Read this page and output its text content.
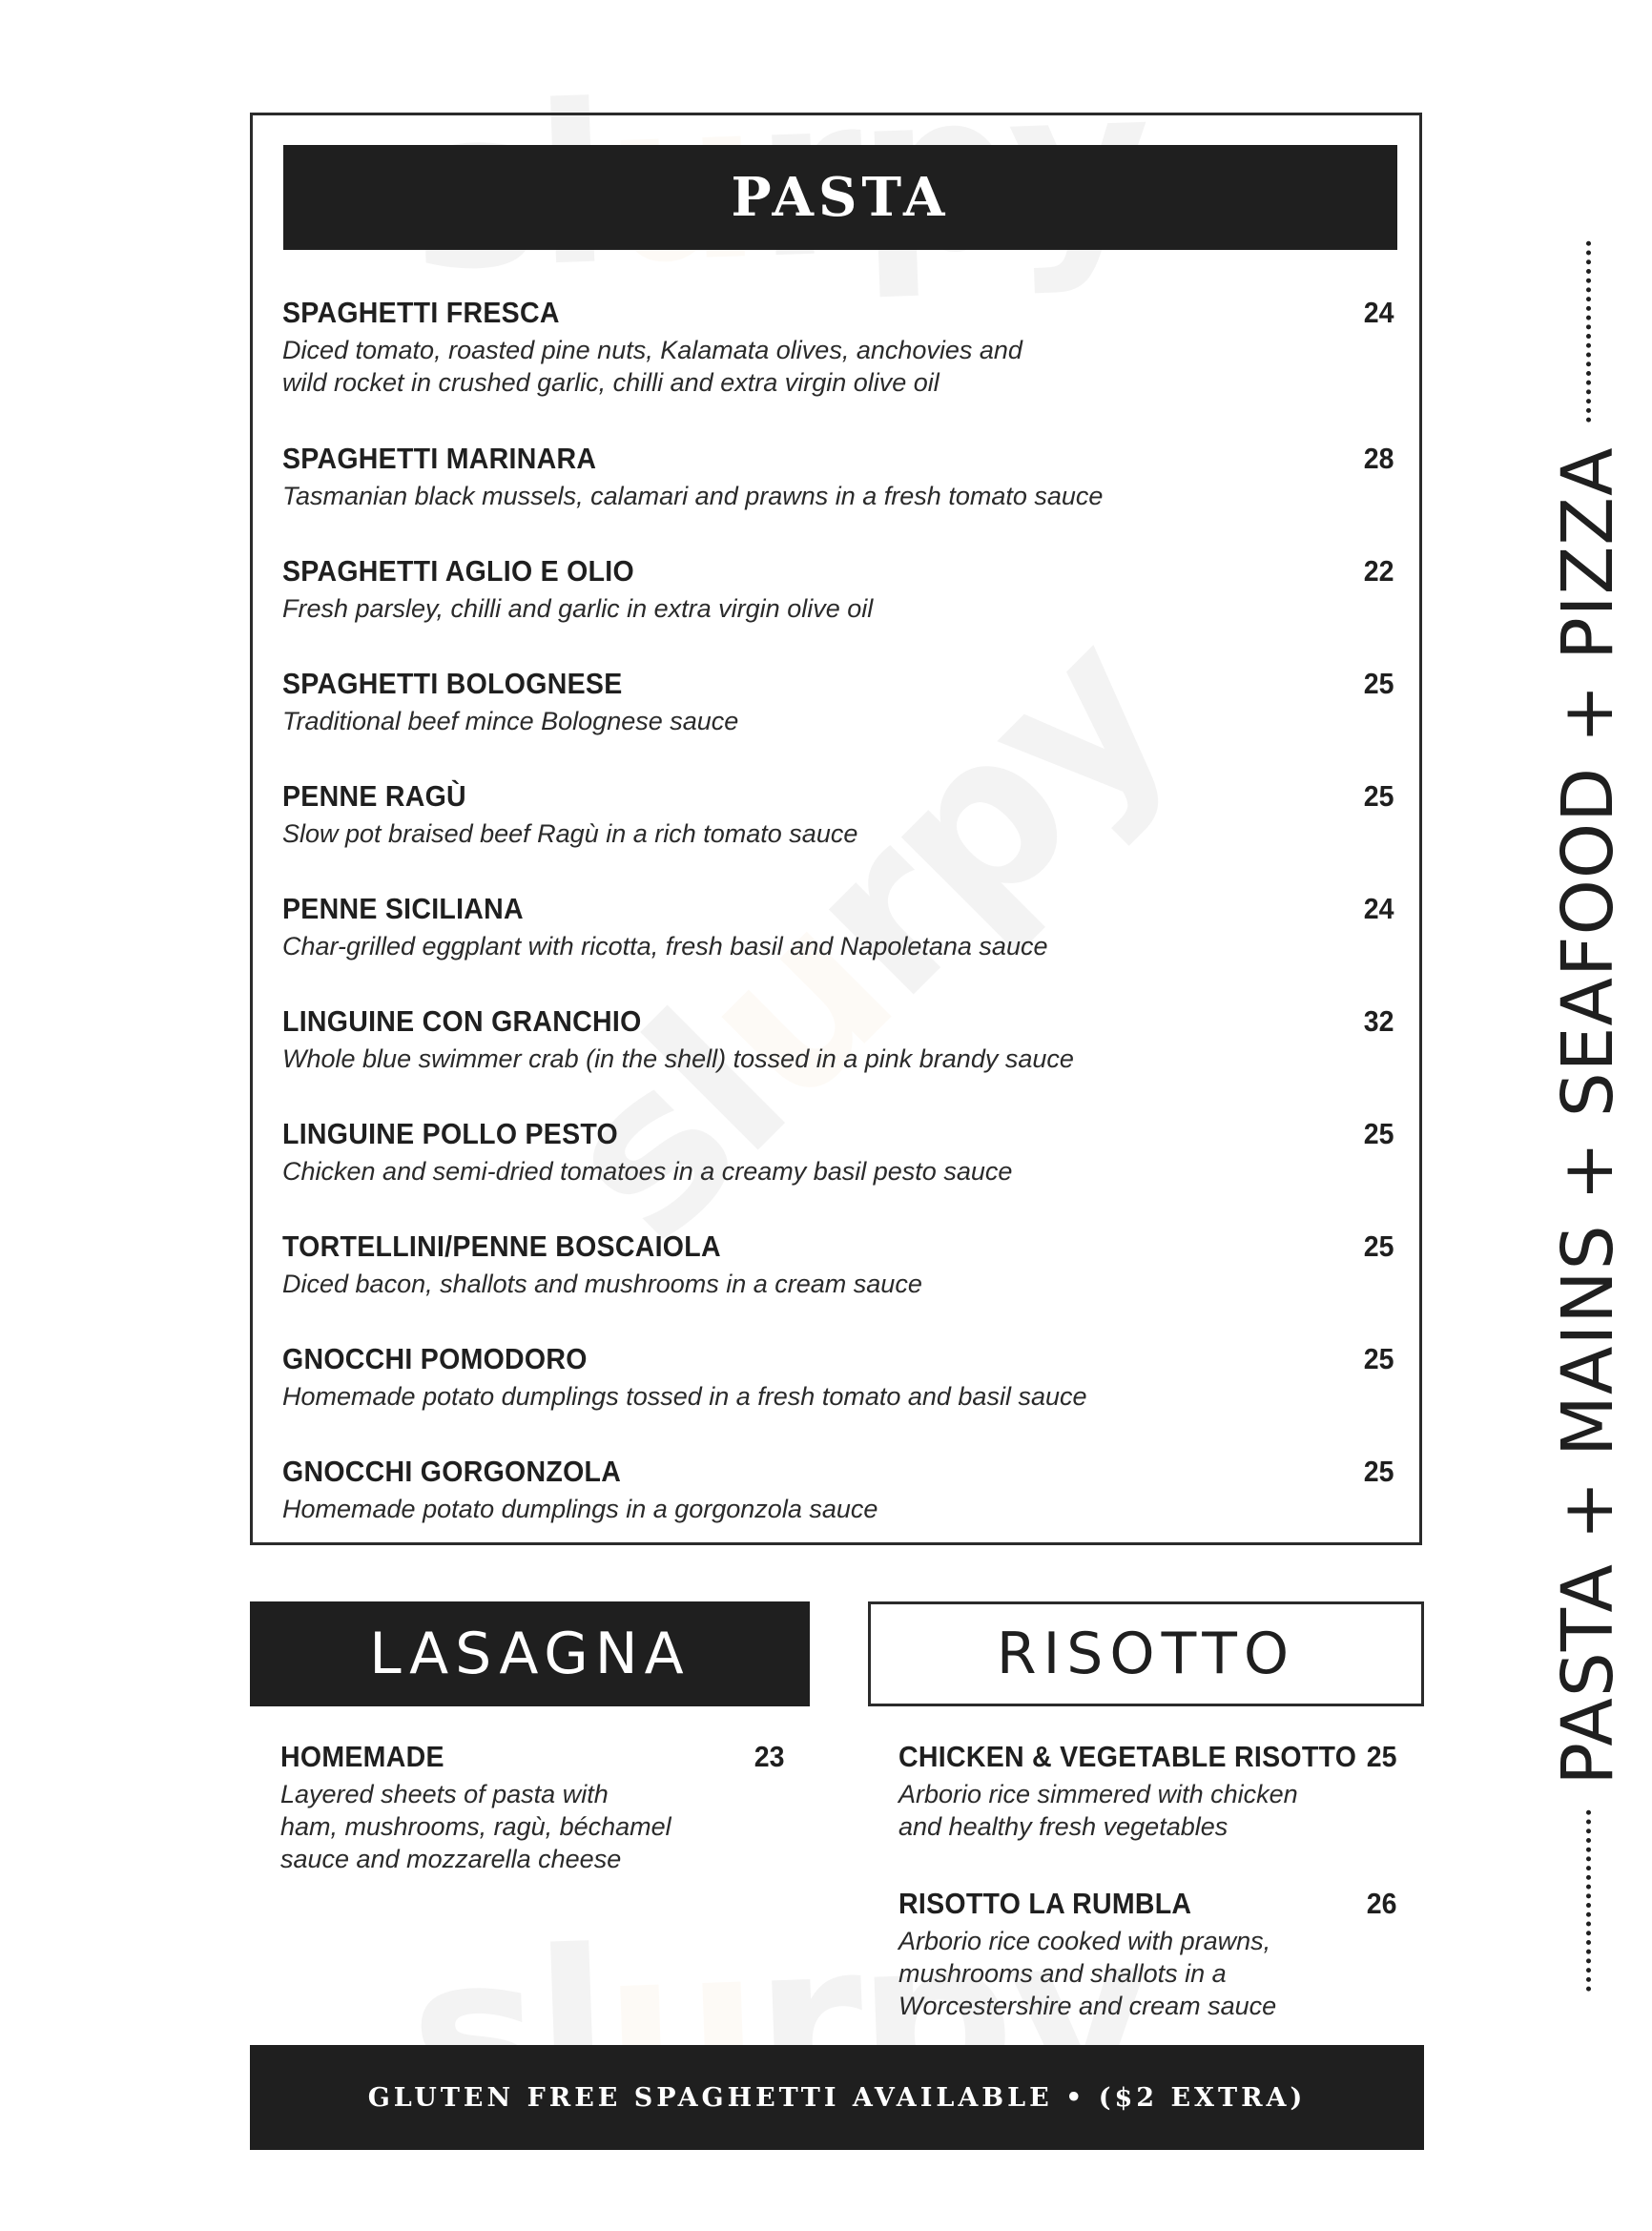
PASTA
SPAGHETTI FRESCA	24
Diced tomato, roasted pine nuts, Kalamata olives, anchovies and
wild rocket in crushed garlic, chilli and extra virgin olive oil
SPAGHETTI MARINARA	28
Tasmanian black mussels, calamari and prawns in a fresh tomato sauce
SPAGHETTI AGLIO E OLIO	22
Fresh parsley, chilli and garlic in extra virgin olive oil
SPAGHETTI BOLOGNESE	25
Traditional beef mince Bolognese sauce
PENNE RAGÙ	25
Slow pot braised beef Ragù in a rich tomato sauce
PENNE SICILIANA	24
Char-grilled eggplant with ricotta, fresh basil and Napoletana sauce
LINGUINE CON GRANCHIO	32
Whole blue swimmer crab (in the shell) tossed in a pink brandy sauce
LINGUINE POLLO PESTO	25
Chicken and semi-dried tomatoes in a creamy basil pesto sauce
TORTELLINI/PENNE BOSCAIOLA	25
Diced bacon, shallots and mushrooms in a cream sauce
GNOCCHI POMODORO	25
Homemade potato dumplings tossed in a fresh tomato and basil sauce
GNOCCHI GORGONZOLA	25
Homemade potato dumplings in a gorgonzola sauce
LASAGNA
HOMEMADE	23
Layered sheets of pasta with
ham, mushrooms, ragù, béchamel
sauce and mozzarella cheese
RISOTTO
CHICKEN & VEGETABLE RISOTTO 25
Arborio rice simmered with chicken
and healthy fresh vegetables
RISOTTO LA RUMBLA	26
Arborio rice cooked with prawns,
mushrooms and shallots in a
Worcestershire and cream sauce
GLUTEN FREE SPAGHETTI AVAILABLE • ($2 EXTRA)
PASTA + MAINS + SEAFOOD + PIZZA
